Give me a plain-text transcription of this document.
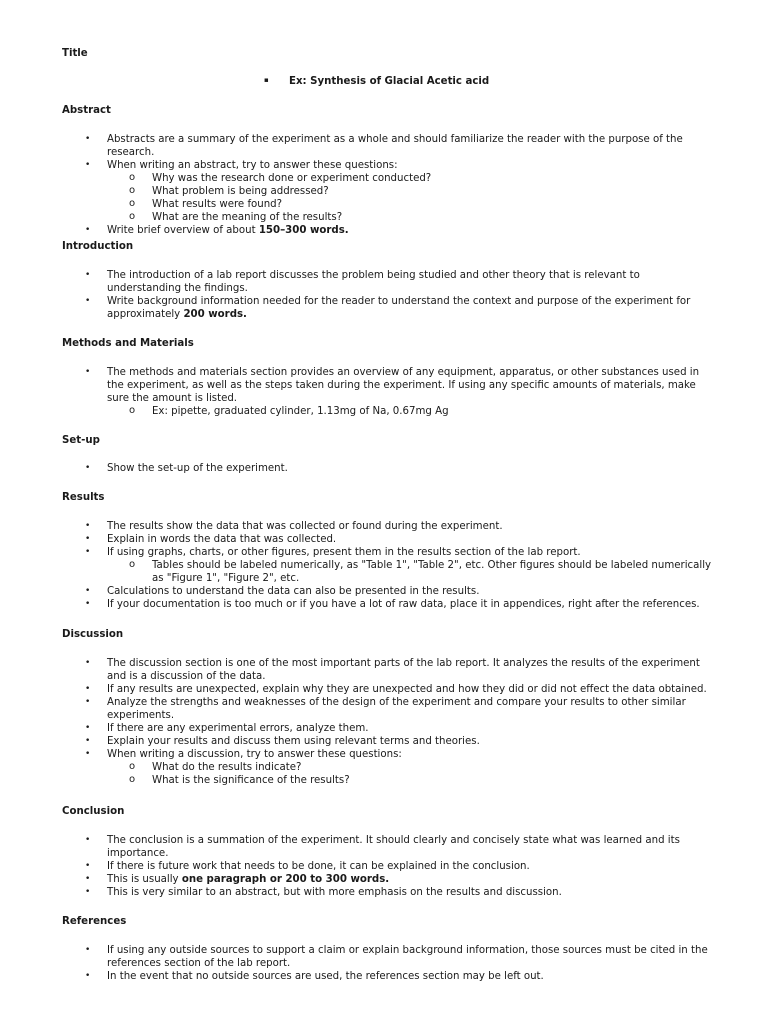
Title
▪ Ex: Synthesis of Glacial Acetic acid
Abstract
• Abstracts are a summary of the experiment as a whole and should familiarize the reader with the purpose of the research.
• When writing an abstract, try to answer these questions:
o Why was the research done or experiment conducted?
o What problem is being addressed?
o What results were found?
o What are the meaning of the results?
• Write brief overview of about 150–300 words.
Introduction
• The introduction of a lab report discusses the problem being studied and other theory that is relevant to understanding the findings.
• Write background information needed for the reader to understand the context and purpose of the experiment for approximately 200 words.
Methods and Materials
• The methods and materials section provides an overview of any equipment, apparatus, or other substances used in the experiment, as well as the steps taken during the experiment. If using any specific amounts of materials, make sure the amount is listed.
o Ex: pipette, graduated cylinder, 1.13mg of Na, 0.67mg Ag
Set-up
• Show the set-up of the experiment.
Results
• The results show the data that was collected or found during the experiment.
• Explain in words the data that was collected.
• If using graphs, charts, or other figures, present them in the results section of the lab report.
o Tables should be labeled numerically, as "Table 1", "Table 2", etc. Other figures should be labeled numerically as "Figure 1", "Figure 2", etc.
• Calculations to understand the data can also be presented in the results.
• If your documentation is too much or if you have a lot of raw data, place it in appendices, right after the references.
Discussion
• The discussion section is one of the most important parts of the lab report. It analyzes the results of the experiment and is a discussion of the data.
• If any results are unexpected, explain why they are unexpected and how they did or did not effect the data obtained.
• Analyze the strengths and weaknesses of the design of the experiment and compare your results to other similar experiments.
• If there are any experimental errors, analyze them.
• Explain your results and discuss them using relevant terms and theories.
• When writing a discussion, try to answer these questions:
o What do the results indicate?
o What is the significance of the results?
Conclusion
• The conclusion is a summation of the experiment. It should clearly and concisely state what was learned and its importance.
• If there is future work that needs to be done, it can be explained in the conclusion.
• This is usually one paragraph or 200 to 300 words.
• This is very similar to an abstract, but with more emphasis on the results and discussion.
References
• If using any outside sources to support a claim or explain background information, those sources must be cited in the references section of the lab report.
• In the event that no outside sources are used, the references section may be left out.
